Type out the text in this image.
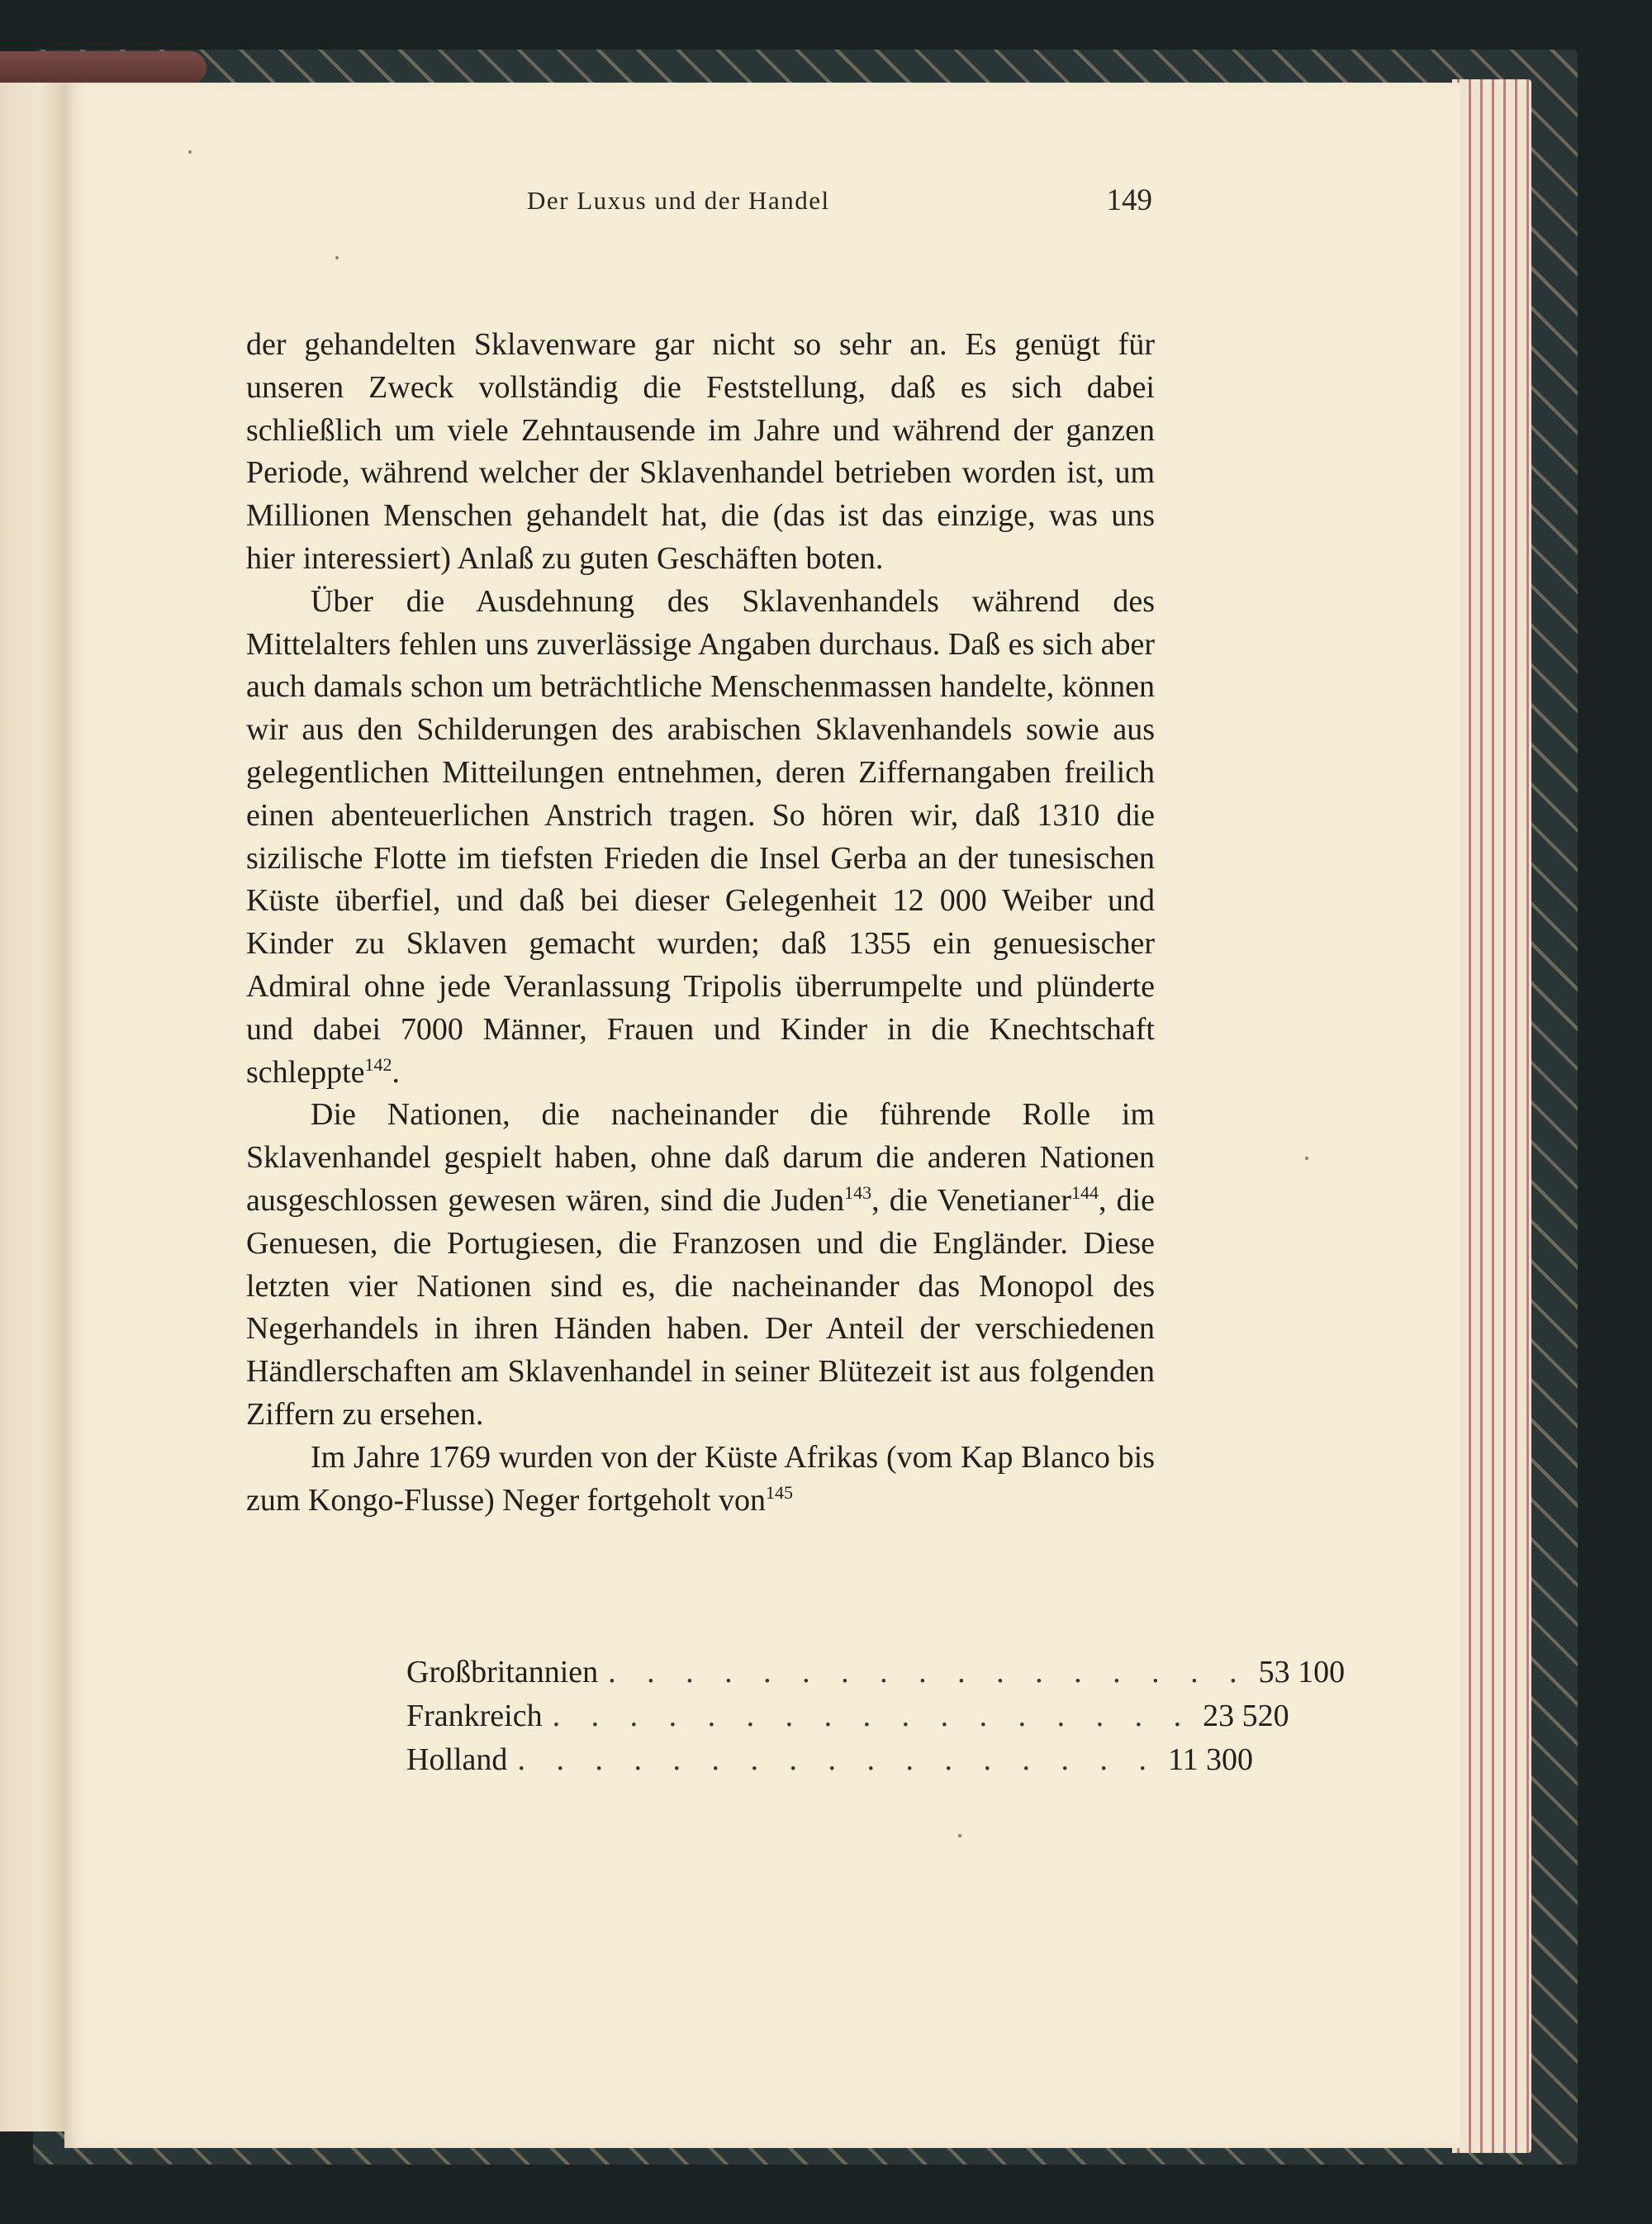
Der Luxus und der Handel	149

der gehandelten Sklavenware gar nicht so sehr an. Es genügt für unseren Zweck vollständig die Feststellung, daß es sich dabei schließlich um viele Zehntausende im Jahre und während der ganzen Periode, während welcher der Sklavenhandel betrieben worden ist, um Millionen Menschen gehandelt hat, die (das ist das einzige, was uns hier interessiert) Anlaß zu guten Geschäften boten.

Über die Ausdehnung des Sklavenhandels während des Mittelalters fehlen uns zuverlässige Angaben durchaus. Daß es sich aber auch damals schon um beträchtliche Menschenmassen handelte, können wir aus den Schilderungen des arabischen Sklavenhandels sowie aus gelegentlichen Mitteilungen entnehmen, deren Ziffernangaben freilich einen abenteuerlichen Anstrich tragen. So hören wir, daß 1310 die sizilische Flotte im tiefsten Frieden die Insel Gerba an der tunesischen Küste überfiel, und daß bei dieser Gelegenheit 12 000 Weiber und Kinder zu Sklaven gemacht wurden; daß 1355 ein genuesischer Admiral ohne jede Veranlassung Tripolis überrumpelte und plünderte und dabei 7000 Männer, Frauen und Kinder in die Knechtschaft schleppte$^{142}$.

Die Nationen, die nacheinander die führende Rolle im Sklavenhandel gespielt haben, ohne daß darum die anderen Nationen ausgeschlossen gewesen wären, sind die Juden$^{143}$, die Venetianer$^{144}$, die Genuesen, die Portugiesen, die Franzosen und die Engländer. Diese letzten vier Nationen sind es, die nacheinander das Monopol des Negerhandels in ihren Händen haben. Der Anteil der verschiedenen Händlerschaften am Sklavenhandel in seiner Blütezeit ist aus folgenden Ziffern zu ersehen.

Im Jahre 1769 wurden von der Küste Afrikas (vom Kap Blanco bis zum Kongo-Flusse) Neger fortgeholt von$^{145}$

Großbritannien . . . . . . . . . . . . . . . . . 53 100
Frankreich . . . . . . . . . . . . . . . . . 23 520
Holland . . . . . . . . . . . . . . . . . 11 300
